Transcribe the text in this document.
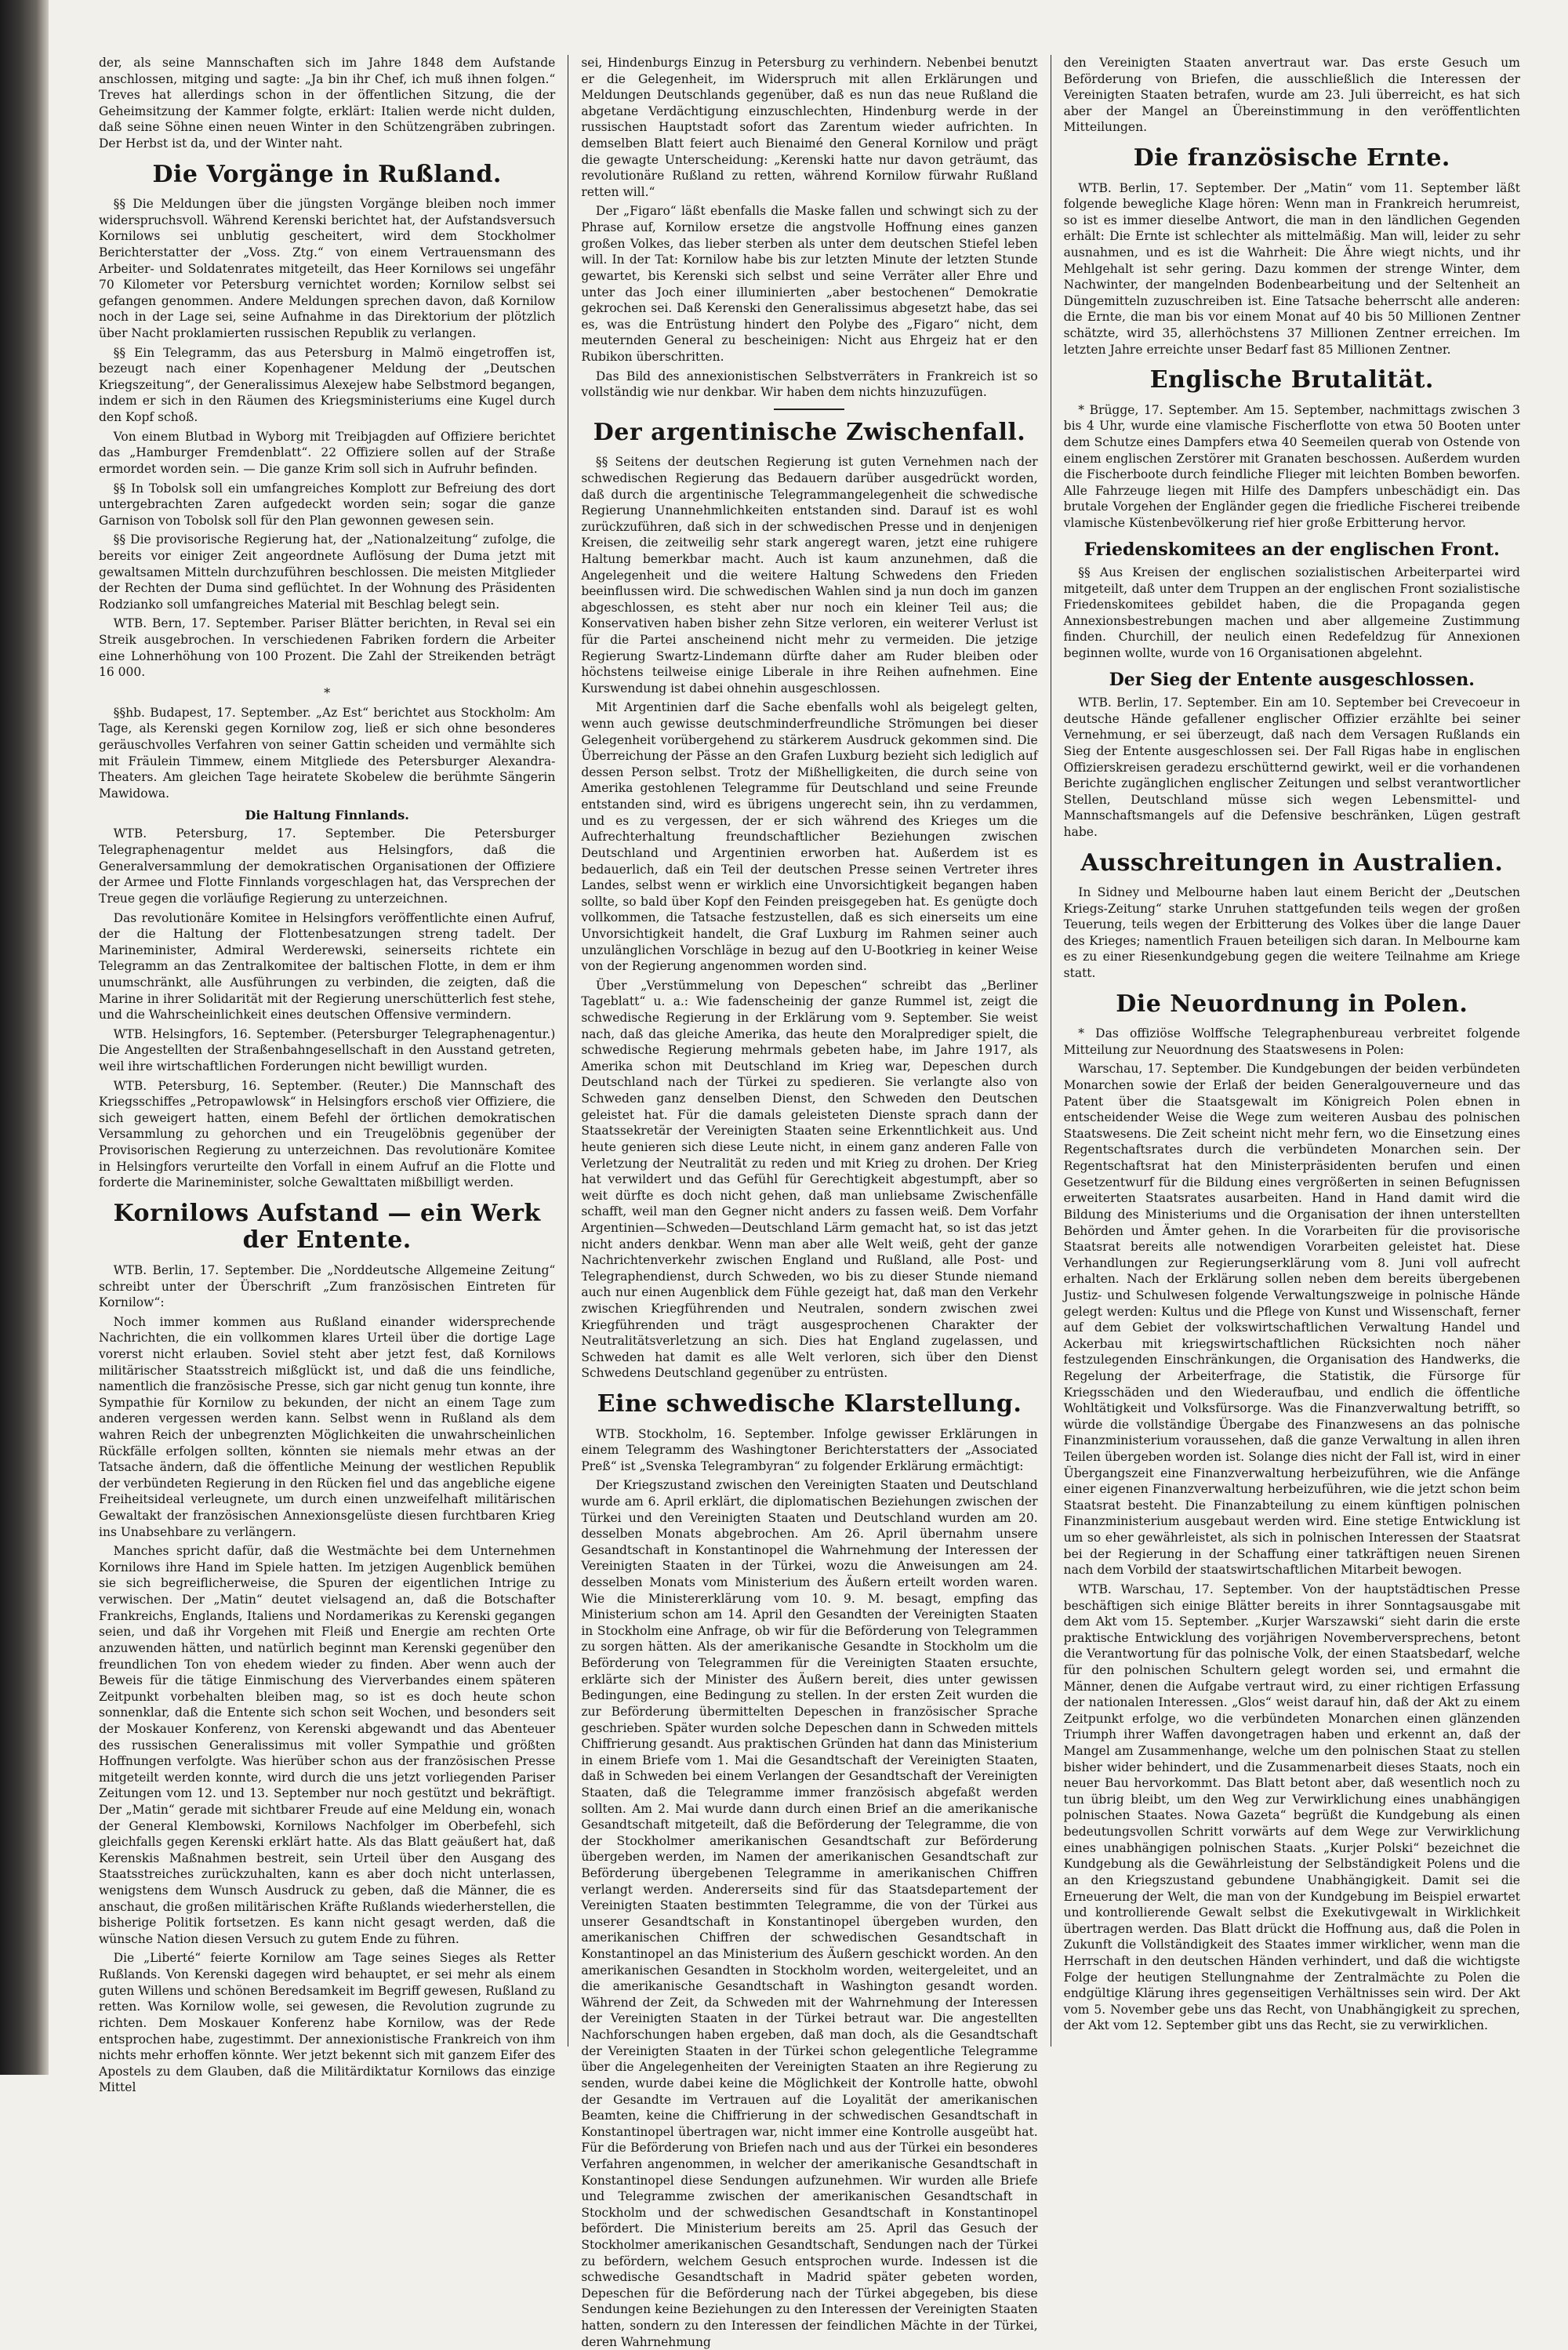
der, als seine Mannschaften sich im Jahre 1848 dem Aufstande anschlossen, mitging und sagte: „Ja bin ihr Chef, ich muß ihnen folgen.“ Treves hat allerdings schon in der öffentlichen Sitzung, die der Geheimsitzung der Kammer folgte, erklärt: Italien werde nicht dulden, daß seine Söhne einen neuen Winter in den Schützengräben zubringen. Der Herbst ist da, und der Winter naht.

Die Vorgänge in Rußland.

§§ Die Meldungen über die jüngsten Vorgänge bleiben noch immer widerspruchsvoll. Während Kerenski berichtet hat, der Aufstandsversuch Kornilows sei unblutig gescheitert, wird dem Stockholmer Berichterstatter der „Voss. Ztg.“ von einem Vertrauensmann des Arbeiter- und Soldatenrates mitgeteilt, das Heer Kornilows sei ungefähr 70 Kilometer vor Petersburg vernichtet worden; Kornilow selbst sei gefangen genommen. Andere Meldungen sprechen davon, daß Kornilow noch in der Lage sei, seine Aufnahme in das Direktorium der plötzlich über Nacht proklamierten russischen Republik zu verlangen.

§§ Ein Telegramm, das aus Petersburg in Malmö eingetroffen ist, bezeugt nach einer Kopenhagener Meldung der „Deutschen Kriegszeitung“, der Generalissimus Alexejew habe Selbstmord begangen, indem er sich in den Räumen des Kriegsministeriums eine Kugel durch den Kopf schoß.

Von einem Blutbad in Wyborg mit Treibjagden auf Offiziere berichtet das „Hamburger Fremdenblatt“. 22 Offiziere sollen auf der Straße ermordet worden sein. — Die ganze Krim soll sich in Aufruhr befinden.

§§ In Tobolsk soll ein umfangreiches Komplott zur Befreiung des dort untergebrachten Zaren aufgedeckt worden sein; sogar die ganze Garnison von Tobolsk soll für den Plan gewonnen gewesen sein.

§§ Die provisorische Regierung hat, der „Nationalzeitung“ zufolge, die bereits vor einiger Zeit angeordnete Auflösung der Duma jetzt mit gewaltsamen Mitteln durchzuführen beschlossen. Die meisten Mitglieder der Rechten der Duma sind geflüchtet. In der Wohnung des Präsidenten Rodzianko soll umfangreiches Material mit Beschlag belegt sein.

WTB. Bern, 17. September. Pariser Blätter berichten, in Reval sei ein Streik ausgebrochen. In verschiedenen Fabriken fordern die Arbeiter eine Lohnerhöhung von 100 Prozent. Die Zahl der Streikenden beträgt 16 000.

*

§§hb. Budapest, 17. September. „Az Est“ berichtet aus Stockholm: Am Tage, als Kerenski gegen Kornilow zog, ließ er sich ohne besonderes geräuschvolles Verfahren von seiner Gattin scheiden und vermählte sich mit Fräulein Timmew, einem Mitgliede des Petersburger Alexandra-Theaters. Am gleichen Tage heiratete Skobelew die berühmte Sängerin Mawidowa.

Die Haltung Finnlands.

WTB. Petersburg, 17. September. Die Petersburger Telegraphenagentur meldet aus Helsingfors, daß die Generalversammlung der demokratischen Organisationen der Offiziere der Armee und Flotte Finnlands vorgeschlagen hat, das Versprechen der Treue gegen die vorläufige Regierung zu unterzeichnen.

Das revolutionäre Komitee in Helsingfors veröffentlichte einen Aufruf, der die Haltung der Flottenbesatzungen streng tadelt. Der Marineminister, Admiral Werderewski, seinerseits richtete ein Telegramm an das Zentralkomitee der baltischen Flotte, in dem er ihm unumschränkt, alle Ausführungen zu verbinden, die zeigten, daß die Marine in ihrer Solidarität mit der Regierung unerschütterlich fest stehe, und die Wahrscheinlichkeit eines deutschen Offensive vermindern.

WTB. Helsingfors, 16. September. (Petersburger Telegraphenagentur.) Die Angestellten der Straßenbahngesellschaft in den Ausstand getreten, weil ihre wirtschaftlichen Forderungen nicht bewilligt wurden.

WTB. Petersburg, 16. September. (Reuter.) Die Mannschaft des Kriegsschiffes „Petropawlowsk“ in Helsingfors erschoß vier Offiziere, die sich geweigert hatten, einem Befehl der örtlichen demokratischen Versammlung zu gehorchen und ein Treugelöbnis gegenüber der Provisorischen Regierung zu unterzeichnen. Das revolutionäre Komitee in Helsingfors verurteilte den Vorfall in einem Aufruf an die Flotte und forderte die Marineminister, solche Gewalttaten mißbilligt werden.

Kornilows Aufstand — ein Werk der Entente.

WTB. Berlin, 17. September. Die „Norddeutsche Allgemeine Zeitung“ schreibt unter der Überschrift „Zum französischen Eintreten für Kornilow“:

Noch immer kommen aus Rußland einander widersprechende Nachrichten, die ein vollkommen klares Urteil über die dortige Lage vorerst nicht erlauben. Soviel steht aber jetzt fest, daß Kornilows militärischer Staatsstreich mißglückt ist, und daß die uns feindliche, namentlich die französische Presse, sich gar nicht genug tun konnte, ihre Sympathie für Kornilow zu bekunden, der nicht an einem Tage zum anderen vergessen werden kann. Selbst wenn in Rußland als dem wahren Reich der unbegrenzten Möglichkeiten die unwahrscheinlichen Rückfälle erfolgen sollten, könnten sie niemals mehr etwas an der Tatsache ändern, daß die öffentliche Meinung der westlichen Republik der verbündeten Regierung in den Rücken fiel und das angebliche eigene Freiheitsideal verleugnete, um durch einen unzweifelhaft militärischen Gewaltakt der französischen Annexionsgelüste diesen furchtbaren Krieg ins Unabsehbare zu verlängern.

Manches spricht dafür, daß die Westmächte bei dem Unternehmen Kornilows ihre Hand im Spiele hatten. Im jetzigen Augenblick bemühen sie sich begreiflicherweise, die Spuren der eigentlichen Intrige zu verwischen. Der „Matin“ deutet vielsagend an, daß die Botschafter Frankreichs, Englands, Italiens und Nordamerikas zu Kerenski gegangen seien, und daß ihr Vorgehen mit Fleiß und Energie am rechten Orte anzuwenden hätten, und natürlich beginnt man Kerenski gegenüber den freundlichen Ton von ehedem wieder zu finden. Aber wenn auch der Beweis für die tätige Einmischung des Vierverbandes einem späteren Zeitpunkt vorbehalten bleiben mag, so ist es doch heute schon sonnenklar, daß die Entente sich schon seit Wochen, und besonders seit der Moskauer Konferenz, von Kerenski abgewandt und das Abenteuer des russischen Generalissimus mit voller Sympathie und größten Hoffnungen verfolgte. Was hierüber schon aus der französischen Presse mitgeteilt werden konnte, wird durch die uns jetzt vorliegenden Pariser Zeitungen vom 12. und 13. September nur noch gestützt und bekräftigt. Der „Matin“ gerade mit sichtbarer Freude auf eine Meldung ein, wonach der General Klembowski, Kornilows Nachfolger im Oberbefehl, sich gleichfalls gegen Kerenski erklärt hatte. Als das Blatt geäußert hat, daß Kerenskis Maßnahmen bestreit, sein Urteil über den Ausgang des Staatsstreiches zurückzuhalten, kann es aber doch nicht unterlassen, wenigstens dem Wunsch Ausdruck zu geben, daß die Männer, die es anschaut, die großen militärischen Kräfte Rußlands wiederherstellen, die bisherige Politik fortsetzen. Es kann nicht gesagt werden, daß die wünsche Nation diesen Versuch zu gutem Ende zu führen.

Die „Liberté“ feierte Kornilow am Tage seines Sieges als Retter Rußlands. Von Kerenski dagegen wird behauptet, er sei mehr als einem guten Willens und schönen Beredsamkeit im Begriff gewesen, Rußland zu retten. Was Kornilow wolle, sei gewesen, die Revolution zugrunde zu richten. Dem Moskauer Konferenz habe Kornilow, was der Rede entsprochen habe, zugestimmt. Der annexionistische Frankreich von ihm nichts mehr erhoffen könnte. Wer jetzt bekennt sich mit ganzem Eifer des Apostels zu dem Glauben, daß die Militärdiktatur Kornilows das einzige Mittel

sei, Hindenburgs Einzug in Petersburg zu verhindern. Nebenbei benutzt er die Gelegenheit, im Widerspruch mit allen Erklärungen und Meldungen Deutschlands gegenüber, daß es nun das neue Rußland die abgetane Verdächtigung einzuschlechten, Hindenburg werde in der russischen Hauptstadt sofort das Zarentum wieder aufrichten. In demselben Blatt feiert auch Bienaimé den General Kornilow und prägt die gewagte Unterscheidung: „Kerenski hatte nur davon geträumt, das revolutionäre Rußland zu retten, während Kornilow fürwahr Rußland retten will.“

Der „Figaro“ läßt ebenfalls die Maske fallen und schwingt sich zu der Phrase auf, Kornilow ersetze die angstvolle Hoffnung eines ganzen großen Volkes, das lieber sterben als unter dem deutschen Stiefel leben will. In der Tat: Kornilow habe bis zur letzten Minute der letzten Stunde gewartet, bis Kerenski sich selbst und seine Verräter aller Ehre und unter das Joch einer illuminierten „aber bestochenen“ Demokratie gekrochen sei. Daß Kerenski den Generalissimus abgesetzt habe, das sei es, was die Entrüstung hindert den Polybe des „Figaro“ nicht, dem meuternden General zu bescheinigen: Nicht aus Ehrgeiz hat er den Rubikon überschritten.

Das Bild des annexionistischen Selbstverräters in Frankreich ist so vollständig wie nur denkbar. Wir haben dem nichts hinzuzufügen.

Der argentinische Zwischenfall.

§§ Seitens der deutschen Regierung ist guten Vernehmen nach der schwedischen Regierung das Bedauern darüber ausgedrückt worden, daß durch die argentinische Telegrammangelegenheit die schwedische Regierung Unannehmlichkeiten entstanden sind. Darauf ist es wohl zurückzuführen, daß sich in der schwedischen Presse und in denjenigen Kreisen, die zeitweilig sehr stark angeregt waren, jetzt eine ruhigere Haltung bemerkbar macht. Auch ist kaum anzunehmen, daß die Angelegenheit und die weitere Haltung Schwedens den Frieden beeinflussen wird. Die schwedischen Wahlen sind ja nun doch im ganzen abgeschlossen, es steht aber nur noch ein kleiner Teil aus; die Konservativen haben bisher zehn Sitze verloren, ein weiterer Verlust ist für die Partei anscheinend nicht mehr zu vermeiden. Die jetzige Regierung Swartz-Lindemann dürfte daher am Ruder bleiben oder höchstens teilweise einige Liberale in ihre Reihen aufnehmen. Eine Kurswendung ist dabei ohnehin ausgeschlossen.

Mit Argentinien darf die Sache ebenfalls wohl als beigelegt gelten, wenn auch gewisse deutschminderfreundliche Strömungen bei dieser Gelegenheit vorübergehend zu stärkerem Ausdruck gekommen sind. Die Überreichung der Pässe an den Grafen Luxburg bezieht sich lediglich auf dessen Person selbst. Trotz der Mißhelligkeiten, die durch seine von Amerika gestohlenen Telegramme für Deutschland und seine Freunde entstanden sind, wird es übrigens ungerecht sein, ihn zu verdammen, und es zu vergessen, der er sich während des Krieges um die Aufrechterhaltung freundschaftlicher Beziehungen zwischen Deutschland und Argentinien erworben hat. Außerdem ist es bedauerlich, daß ein Teil der deutschen Presse seinen Vertreter ihres Landes, selbst wenn er wirklich eine Unvorsichtigkeit begangen haben sollte, so bald über Kopf den Feinden preisgegeben hat. Es genügte doch vollkommen, die Tatsache festzustellen, daß es sich einerseits um eine Unvorsichtigkeit handelt, die Graf Luxburg im Rahmen seiner auch unzulänglichen Vorschläge in bezug auf den U-Bootkrieg in keiner Weise von der Regierung angenommen worden sind.

Über „Verstümmelung von Depeschen“ schreibt das „Berliner Tageblatt“ u. a.: Wie fadenscheinig der ganze Rummel ist, zeigt die schwedische Regierung in der Erklärung vom 9. September. Sie weist nach, daß das gleiche Amerika, das heute den Moralprediger spielt, die schwedische Regierung mehrmals gebeten habe, im Jahre 1917, als Amerika schon mit Deutschland im Krieg war, Depeschen durch Deutschland nach der Türkei zu spedieren. Sie verlangte also von Schweden ganz denselben Dienst, den Schweden den Deutschen geleistet hat. Für die damals geleisteten Dienste sprach dann der Staatssekretär der Vereinigten Staaten seine Erkenntlichkeit aus. Und heute genieren sich diese Leute nicht, in einem ganz anderen Falle von Verletzung der Neutralität zu reden und mit Krieg zu drohen. Der Krieg hat verwildert und das Gefühl für Gerechtigkeit abgestumpft, aber so weit dürfte es doch nicht gehen, daß man unliebsame Zwischenfälle schafft, weil man den Gegner nicht anders zu fassen weiß. Dem Vorfahr Argentinien—Schweden—Deutschland Lärm gemacht hat, so ist das jetzt nicht anders denkbar. Wenn man aber alle Welt weiß, geht der ganze Nachrichtenverkehr zwischen England und Rußland, alle Post- und Telegraphendienst, durch Schweden, wo bis zu dieser Stunde niemand auch nur einen Augenblick dem Fühle gezeigt hat, daß man den Verkehr zwischen Kriegführenden und Neutralen, sondern zwischen zwei Kriegführenden und trägt ausgesprochenen Charakter der Neutralitätsverletzung an sich. Dies hat England zugelassen, und Schweden hat damit es alle Welt verloren, sich über den Dienst Schwedens Deutschland gegenüber zu entrüsten.

Eine schwedische Klarstellung.

WTB. Stockholm, 16. September. Infolge gewisser Erklärungen in einem Telegramm des Washingtoner Berichterstatters der „Associated Preß“ ist „Svenska Telegrambyran“ zu folgender Erklärung ermächtigt:

Der Kriegszustand zwischen den Vereinigten Staaten und Deutschland wurde am 6. April erklärt, die diplomatischen Beziehungen zwischen der Türkei und den Vereinigten Staaten und Deutschland wurden am 20. desselben Monats abgebrochen. Am 26. April übernahm unsere Gesandtschaft in Konstantinopel die Wahrnehmung der Interessen der Vereinigten Staaten in der Türkei, wozu die Anweisungen am 24. desselben Monats vom Ministerium des Äußern erteilt worden waren. Wie die Ministererklärung vom 10. 9. M. besagt, empfing das Ministerium schon am 14. April den Gesandten der Vereinigten Staaten in Stockholm eine Anfrage, ob wir für die Beförderung von Telegrammen zu sorgen hätten. Als der amerikanische Gesandte in Stockholm um die Beförderung von Telegrammen für die Vereinigten Staaten ersuchte, erklärte sich der Minister des Äußern bereit, dies unter gewissen Bedingungen, eine Bedingung zu stellen. In der ersten Zeit wurden die zur Beförderung übermittelten Depeschen in französischer Sprache geschrieben. Später wurden solche Depeschen dann in Schweden mittels Chiffrierung gesandt. Aus praktischen Gründen hat dann das Ministerium in einem Briefe vom 1. Mai die Gesandtschaft der Vereinigten Staaten, daß in Schweden bei einem Verlangen der Gesandtschaft der Vereinigten Staaten, daß die Telegramme immer französisch abgefaßt werden sollten. Am 2. Mai wurde dann durch einen Brief an die amerikanische Gesandtschaft mitgeteilt, daß die Beförderung der Telegramme, die von der Stockholmer amerikanischen Gesandtschaft zur Beförderung übergeben werden, im Namen der amerikanischen Gesandtschaft zur Beförderung übergebenen Telegramme in amerikanischen Chiffren verlangt werden. Andererseits sind für das Staatsdepartement der Vereinigten Staaten bestimmten Telegramme, die von der Türkei aus unserer Gesandtschaft in Konstantinopel übergeben wurden, den amerikanischen Chiffren der schwedischen Gesandtschaft in Konstantinopel an das Ministerium des Äußern geschickt worden. An den amerikanischen Gesandten in Stockholm worden, weitergeleitet, und an die amerikanische Gesandtschaft in Washington gesandt worden. Während der Zeit, da Schweden mit der Wahrnehmung der Interessen der Vereinigten Staaten in der Türkei betraut war. Die angestellten Nachforschungen haben ergeben, daß man doch, als die Gesandtschaft der Vereinigten Staaten in der Türkei schon gelegentliche Telegramme über die Angelegenheiten der Vereinigten Staaten an ihre Regierung zu senden, wurde dabei keine die Möglichkeit der Kontrolle hatte, obwohl der Gesandte im Vertrauen auf die Loyalität der amerikanischen Beamten, keine die Chiffrierung in der schwedischen Gesandtschaft in Konstantinopel übertragen war, nicht immer eine Kontrolle ausgeübt hat. Für die Beförderung von Briefen nach und aus der Türkei ein besonderes Verfahren angenommen, in welcher der amerikanische Gesandtschaft in Konstantinopel diese Sendungen aufzunehmen. Wir wurden alle Briefe und Telegramme zwischen der amerikanischen Gesandtschaft in Stockholm und der schwedischen Gesandtschaft in Konstantinopel befördert. Die Ministerium bereits am 25. April das Gesuch der Stockholmer amerikanischen Gesandtschaft, Sendungen nach der Türkei zu befördern, welchem Gesuch entsprochen wurde. Indessen ist die schwedische Gesandtschaft in Madrid später gebeten worden, Depeschen für die Beförderung nach der Türkei abgegeben, bis diese Sendungen keine Beziehungen zu den Interessen der Vereinigten Staaten hatten, sondern zu den Interessen der feindlichen Mächte in der Türkei, deren Wahrnehmung

den Vereinigten Staaten anvertraut war. Das erste Gesuch um Beförderung von Briefen, die ausschließlich die Interessen der Vereinigten Staaten betrafen, wurde am 23. Juli überreicht, es hat sich aber der Mangel an Übereinstimmung in den veröffentlichten Mitteilungen.

Die französische Ernte.

WTB. Berlin, 17. September. Der „Matin“ vom 11. September läßt folgende bewegliche Klage hören: Wenn man in Frankreich herumreist, so ist es immer dieselbe Antwort, die man in den ländlichen Gegenden erhält: Die Ernte ist schlechter als mittelmäßig. Man will, leider zu sehr ausnahmen, und es ist die Wahrheit: Die Ähre wiegt nichts, und ihr Mehlgehalt ist sehr gering. Dazu kommen der strenge Winter, dem Nachwinter, der mangelnden Bodenbearbeitung und der Seltenheit an Düngemitteln zuzuschreiben ist. Eine Tatsache beherrscht alle anderen: die Ernte, die man bis vor einem Monat auf 40 bis 50 Millionen Zentner schätzte, wird 35, allerhöchstens 37 Millionen Zentner erreichen. Im letzten Jahre erreichte unser Bedarf fast 85 Millionen Zentner.

Englische Brutalität.

* Brügge, 17. September. Am 15. September, nachmittags zwischen 3 bis 4 Uhr, wurde eine vlamische Fischerflotte von etwa 50 Booten unter dem Schutze eines Dampfers etwa 40 Seemeilen querab von Ostende von einem englischen Zerstörer mit Granaten beschossen. Außerdem wurden die Fischerboote durch feindliche Flieger mit leichten Bomben beworfen. Alle Fahrzeuge liegen mit Hilfe des Dampfers unbeschädigt ein. Das brutale Vorgehen der Engländer gegen die friedliche Fischerei treibende vlamische Küstenbevölkerung rief hier große Erbitterung hervor.

Friedenskomitees an der englischen Front.

§§ Aus Kreisen der englischen sozialistischen Arbeiterpartei wird mitgeteilt, daß unter dem Truppen an der englischen Front sozialistische Friedenskomitees gebildet haben, die die Propaganda gegen Annexionsbestrebungen machen und aber allgemeine Zustimmung finden. Churchill, der neulich einen Redefeldzug für Annexionen beginnen wollte, wurde von 16 Organisationen abgelehnt.

Der Sieg der Entente ausgeschlossen.

WTB. Berlin, 17. September. Ein am 10. September bei Crevecoeur in deutsche Hände gefallener englischer Offizier erzählte bei seiner Vernehmung, er sei überzeugt, daß nach dem Versagen Rußlands ein Sieg der Entente ausgeschlossen sei. Der Fall Rigas habe in englischen Offizierskreisen geradezu erschütternd gewirkt, weil er die vorhandenen Berichte zugänglichen englischer Zeitungen und selbst verantwortlicher Stellen, Deutschland müsse sich wegen Lebensmittel- und Mannschaftsmangels auf die Defensive beschränken, Lügen gestraft habe.

Ausschreitungen in Australien.

In Sidney und Melbourne haben laut einem Bericht der „Deutschen Kriegs-Zeitung“ starke Unruhen stattgefunden teils wegen der großen Teuerung, teils wegen der Erbitterung des Volkes über die lange Dauer des Krieges; namentlich Frauen beteiligen sich daran. In Melbourne kam es zu einer Riesenkundgebung gegen die weitere Teilnahme am Kriege statt.

Die Neuordnung in Polen.

* Das offiziöse Wolffsche Telegraphenbureau verbreitet folgende Mitteilung zur Neuordnung des Staatswesens in Polen:

Warschau, 17. September. Die Kundgebungen der beiden verbündeten Monarchen sowie der Erlaß der beiden Generalgouverneure und das Patent über die Staatsgewalt im Königreich Polen ebnen in entscheidender Weise die Wege zum weiteren Ausbau des polnischen Staatswesens. Die Zeit scheint nicht mehr fern, wo die Einsetzung eines Regentschaftsrates durch die verbündeten Monarchen sein. Der Regentschaftsrat hat den Ministerpräsidenten berufen und einen Gesetzentwurf für die Bildung eines vergrößerten in seinen Befugnissen erweiterten Staatsrates ausarbeiten. Hand in Hand damit wird die Bildung des Ministeriums und die Organisation der ihnen unterstellten Behörden und Ämter gehen. In die Vorarbeiten für die provisorische Staatsrat bereits alle notwendigen Vorarbeiten geleistet hat. Diese Verhandlungen zur Regierungserklärung vom 8. Juni voll aufrecht erhalten. Nach der Erklärung sollen neben dem bereits übergebenen Justiz- und Schulwesen folgende Verwaltungszweige in polnische Hände gelegt werden: Kultus und die Pflege von Kunst und Wissenschaft, ferner auf dem Gebiet der volkswirtschaftlichen Verwaltung Handel und Ackerbau mit kriegswirtschaftlichen Rücksichten noch näher festzulegenden Einschränkungen, die Organisation des Handwerks, die Regelung der Arbeiterfrage, die Statistik, die Fürsorge für Kriegsschäden und den Wiederaufbau, und endlich die öffentliche Wohltätigkeit und Volksfürsorge. Was die Finanzverwaltung betrifft, so würde die vollständige Übergabe des Finanzwesens an das polnische Finanzministerium voraussehen, daß die ganze Verwaltung in allen ihren Teilen übergeben worden ist. Solange dies nicht der Fall ist, wird in einer Übergangszeit eine Finanzverwaltung herbeizuführen, wie die Anfänge einer eigenen Finanzverwaltung herbeizuführen, wie die jetzt schon beim Staatsrat besteht. Die Finanzabteilung zu einem künftigen polnischen Finanzministerium ausgebaut werden wird. Eine stetige Entwicklung ist um so eher gewährleistet, als sich in polnischen Interessen der Staatsrat bei der Regierung in der Schaffung einer tatkräftigen neuen Sirenen nach dem Vorbild der staatswirtschaftlichen Mitarbeit bewogen.

WTB. Warschau, 17. September. Von der hauptstädtischen Presse beschäftigen sich einige Blätter bereits in ihrer Sonntagsausgabe mit dem Akt vom 15. September. „Kurjer Warszawski“ sieht darin die erste praktische Entwicklung des vorjährigen Novemberversprechens, betont die Verantwortung für das polnische Volk, der einen Staatsbedarf, welche für den polnischen Schultern gelegt worden sei, und ermahnt die Männer, denen die Aufgabe vertraut wird, zu einer richtigen Erfassung der nationalen Interessen. „Glos“ weist darauf hin, daß der Akt zu einem Zeitpunkt erfolge, wo die verbündeten Monarchen einen glänzenden Triumph ihrer Waffen davongetragen haben und erkennt an, daß der Mangel am Zusammenhange, welche um den polnischen Staat zu stellen bisher wider behindert, und die Zusammenarbeit dieses Staats, noch ein neuer Bau hervorkommt. Das Blatt betont aber, daß wesentlich noch zu tun übrig bleibt, um den Weg zur Verwirklichung eines unabhängigen polnischen Staates. Nowa Gazeta“ begrüßt die Kundgebung als einen bedeutungsvollen Schritt vorwärts auf dem Wege zur Verwirklichung eines unabhängigen polnischen Staats. „Kurjer Polski“ bezeichnet die Kundgebung als die Gewährleistung der Selbständigkeit Polens und die an den Kriegszustand gebundene Unabhängigkeit. Damit sei die Erneuerung der Welt, die man von der Kundgebung im Beispiel erwartet und kontrollierende Gewalt selbst die Exekutivgewalt in Wirklichkeit übertragen werden. Das Blatt drückt die Hoffnung aus, daß die Polen in Zukunft die Vollständigkeit des Staates immer wirklicher, wenn man die Herrschaft in den deutschen Händen verhindert, und daß die wichtigste Folge der heutigen Stellungnahme der Zentralmächte zu Polen die endgültige Klärung ihres gegenseitigen Verhältnisses sein wird. Der Akt vom 5. November gebe uns das Recht, von Unabhängigkeit zu sprechen, der Akt vom 12. September gibt uns das Recht, sie zu verwirklichen.
